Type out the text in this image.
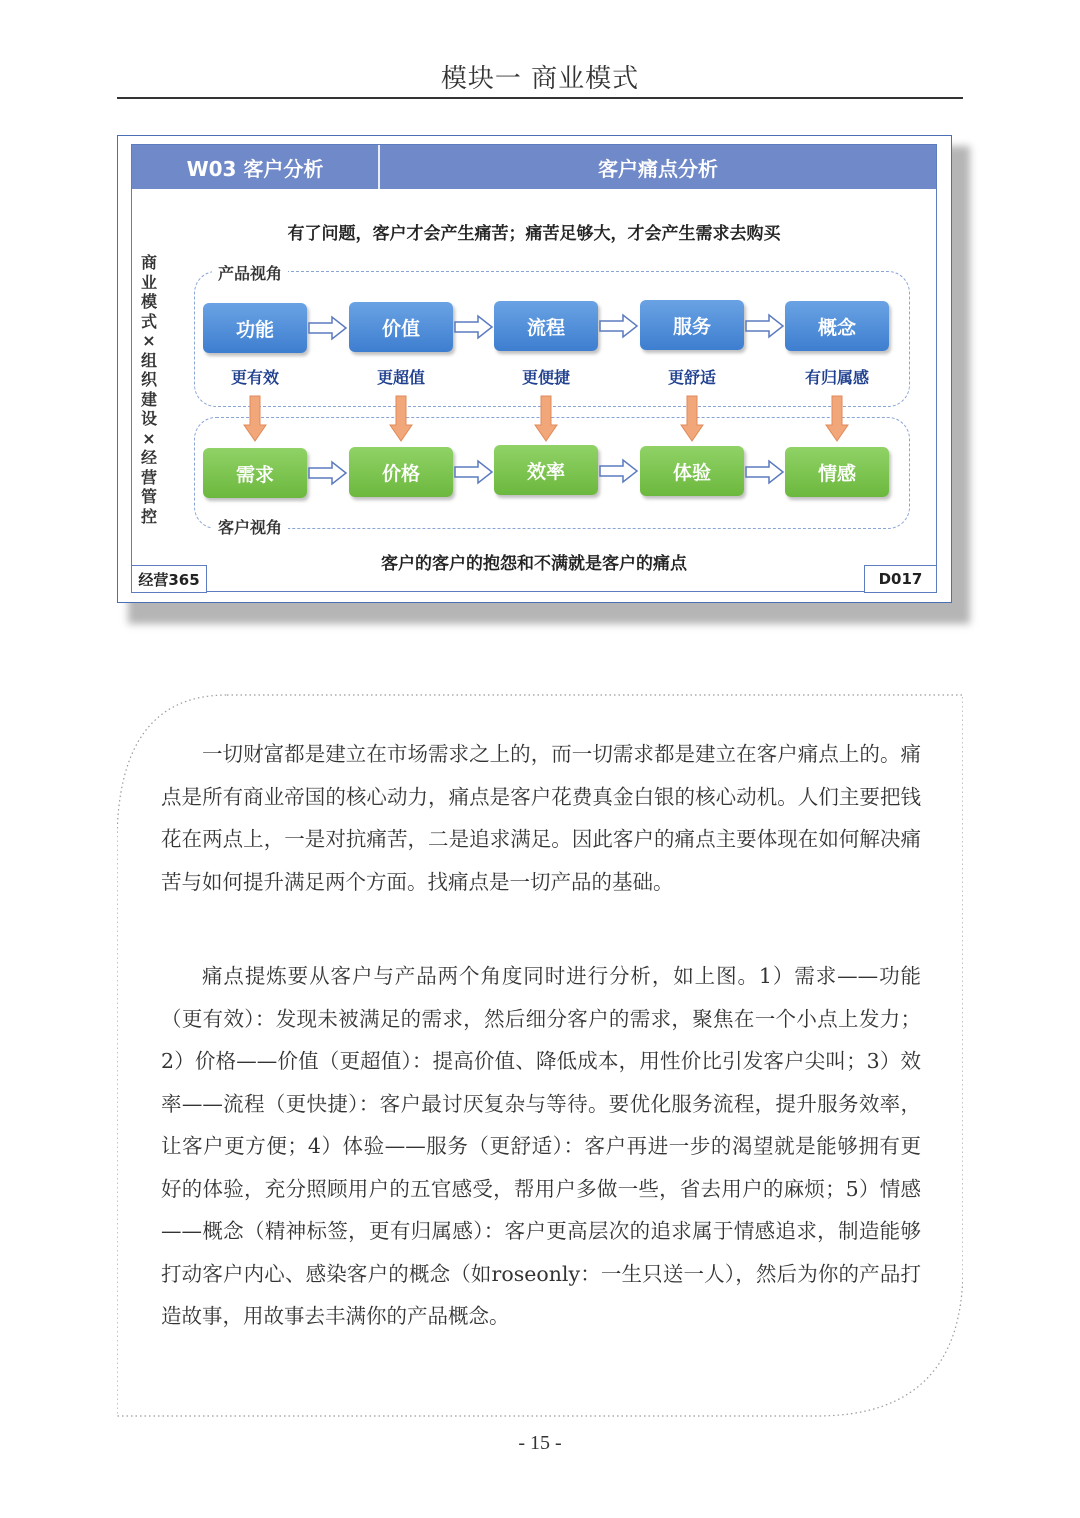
模块一 商业模式
W03 客户分析	客户痛点分析
有了问题，客户才会产生痛苦；痛苦足够大，才会产生需求去购买
商业模式×组织建设×经营管控
产品视角
客户视角
功能	价值	流程	服务	概念
更有效	更超值	更便捷	更舒适	有归属感
需求	价格	效率	体验	情感
客户的客户的抱怨和不满就是客户的痛点
经营365	D017

一切财富都是建立在市场需求之上的，而一切需求都是建立在客户痛点上的。痛点是所有商业帝国的核心动力，痛点是客户花费真金白银的核心动机。人们主要把钱花在两点上，一是对抗痛苦，二是追求满足。因此客户的痛点主要体现在如何解决痛苦与如何提升满足两个方面。找痛点是一切产品的基础。

痛点提炼要从客户与产品两个角度同时进行分析，如上图。1）需求——功能（更有效）：发现未被满足的需求，然后细分客户的需求，聚焦在一个小点上发力；2）价格——价值（更超值）：提高价值、降低成本，用性价比引发客户尖叫；3）效率——流程（更快捷）：客户最讨厌复杂与等待。要优化服务流程，提升服务效率，让客户更方便；4）体验——服务（更舒适）：客户再进一步的渴望就是能够拥有更好的体验，充分照顾用户的五官感受，帮用户多做一些，省去用户的麻烦；5）情感——概念（精神标签，更有归属感）：客户更高层次的追求属于情感追求，制造能够打动客户内心、感染客户的概念（如roseonly：一生只送一人），然后为你的产品打造故事，用故事去丰满你的产品概念。

- 15 -
